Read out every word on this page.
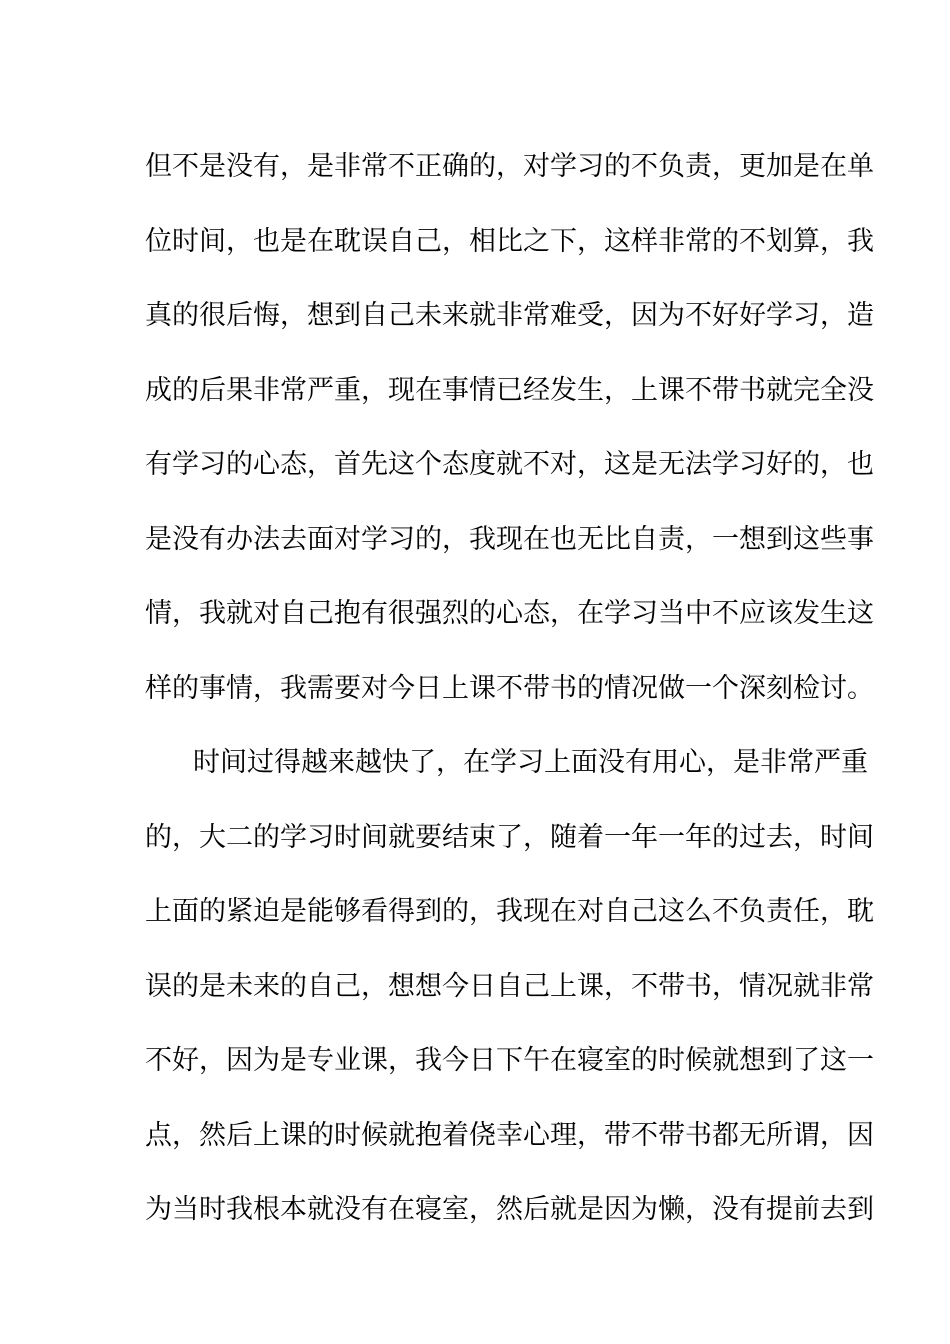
但不是没有，是非常不正确的，对学习的不负责，更加是在单
位时间，也是在耽误自己，相比之下，这样非常的不划算，我
真的很后悔，想到自己未来就非常难受，因为不好好学习，造
成的后果非常严重，现在事情已经发生，上课不带书就完全没
有学习的心态，首先这个态度就不对，这是无法学习好的，也
是没有办法去面对学习的，我现在也无比自责，一想到这些事
情，我就对自己抱有很强烈的心态，在学习当中不应该发生这
样的事情，我需要对今日上课不带书的情况做一个深刻检讨。
时间过得越来越快了，在学习上面没有用心，是非常严重
的，大二的学习时间就要结束了，随着一年一年的过去，时间
上面的紧迫是能够看得到的，我现在对自己这么不负责任，耽
误的是未来的自己，想想今日自己上课，不带书，情况就非常
不好，因为是专业课，我今日下午在寝室的时候就想到了这一
点，然后上课的时候就抱着侥幸心理，带不带书都无所谓，因
为当时我根本就没有在寝室，然后就是因为懒，没有提前去到
